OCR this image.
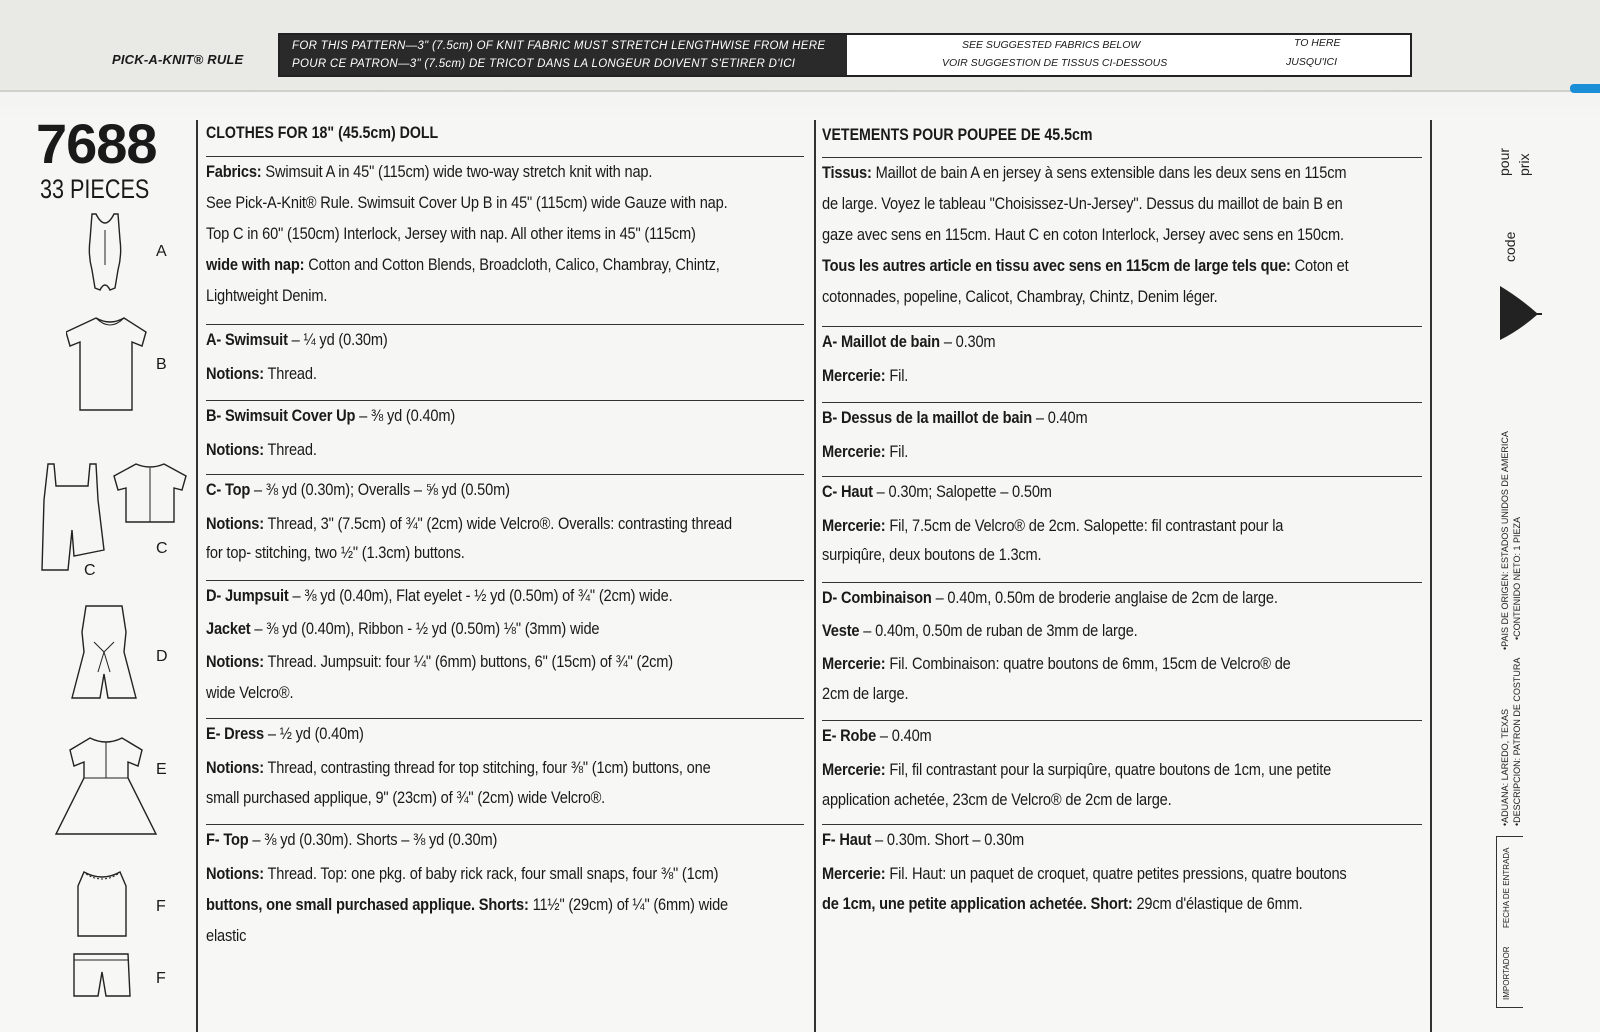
PICK-A-KNIT® RULE
FOR THIS PATTERN—3" (7.5cm) OF KNIT FABRIC MUST STRETCH LENGTHWISE FROM HERE
POUR CE PATRON—3" (7.5cm) DE TRICOT DANS LA LONGEUR DOIVENT S'ETIRER D'ICI
SEE SUGGESTED FABRICS BELOW
VOIR SUGGESTION DE TISSUS CI-DESSOUS
TO HERE
JUSQU'ICI
7688
33 PIECES
A
B
C
C
D
E
F
F
CLOTHES FOR 18" (45.5cm) DOLL

Fabrics: Swimsuit A in 45" (115cm) wide two-way stretch knit with nap.

See Pick-A-Knit® Rule. Swimsuit Cover Up B in 45" (115cm) wide Gauze with nap.

Top C in 60" (150cm) Interlock, Jersey with nap. All other items in 45" (115cm)

wide with nap: Cotton and Cotton Blends, Broadcloth, Calico, Chambray, Chintz,

Lightweight Denim.

A- Swimsuit – ¼ yd (0.30m)

Notions: Thread.

B- Swimsuit Cover Up – ⅜ yd (0.40m)

Notions: Thread.

C- Top – ⅜ yd (0.30m); Overalls – ⅝ yd (0.50m)

Notions: Thread, 3" (7.5cm) of ¾" (2cm) wide Velcro®. Overalls: contrasting thread

for top- stitching, two ½" (1.3cm) buttons.

D- Jumpsuit – ⅜ yd (0.40m), Flat eyelet - ½ yd (0.50m) of ¾" (2cm) wide.

Jacket – ⅜ yd (0.40m), Ribbon - ½ yd (0.50m) ⅛" (3mm) wide

Notions: Thread. Jumpsuit: four ¼" (6mm) buttons, 6" (15cm) of ¾" (2cm)

wide Velcro®.

E- Dress – ½ yd (0.40m)

Notions: Thread, contrasting thread for top stitching, four ⅜" (1cm) buttons, one

small purchased applique, 9" (23cm) of ¾" (2cm) wide Velcro®.

F- Top – ⅜ yd (0.30m). Shorts – ⅜ yd (0.30m)

Notions: Thread. Top: one pkg. of baby rick rack, four small snaps, four ⅜" (1cm)

buttons, one small purchased applique. Shorts: 11½" (29cm) of ¼" (6mm) wide

elastic

VETEMENTS POUR POUPEE DE 45.5cm

Tissus: Maillot de bain A en jersey à sens extensible dans les deux sens en 115cm

de large. Voyez le tableau "Choisissez-Un-Jersey". Dessus du maillot de bain B en

gaze avec sens en 115cm. Haut C en coton Interlock, Jersey avec sens en 150cm.

Tous les autres article en tissu avec sens en 115cm de large tels que: Coton et

cotonnades, popeline, Calicot, Chambray, Chintz, Denim léger.

A- Maillot de bain – 0.30m

Mercerie: Fil.

B- Dessus de la maillot de bain – 0.40m

Mercerie: Fil.

C- Haut – 0.30m; Salopette – 0.50m

Mercerie: Fil, 7.5cm de Velcro® de 2cm. Salopette: fil contrastant pour la

surpiqûre, deux boutons de 1.3cm.

D- Combinaison – 0.40m, 0.50m de broderie anglaise de 2cm de large.

Veste – 0.40m, 0.50m de ruban de 3mm de large.

Mercerie: Fil. Combinaison: quatre boutons de 6mm, 15cm de Velcro® de

2cm de large.

E- Robe – 0.40m

Mercerie: Fil, fil contrastant pour la surpiqûre, quatre boutons de 1cm, une petite

application achetée, 23cm de Velcro® de 2cm de large.

F- Haut – 0.30m. Short – 0.30m

Mercerie: Fil. Haut: un paquet de croquet, quatre petites pressions, quatre boutons

de 1cm, une petite application achetée. Short: 29cm d'élastique de 6mm.

code
pour prix
•PAIS DE ORIGEN: ESTADOS UNIDOS DE AMERICA •CONTENIDO NETO: 1 PIEZA
•ADUANA: LAREDO, TEXAS •DESCRIPCION: PATRON DE COSTURA
FECHA DE ENTRADA
IMPORTADOR
